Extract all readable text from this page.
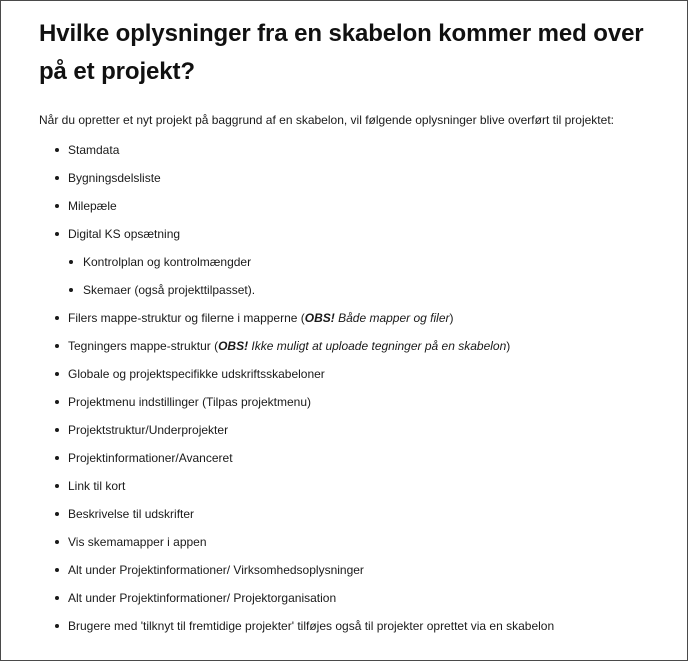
Hvilke oplysninger fra en skabelon kommer med over på et projekt?

Når du opretter et nyt projekt på baggrund af en skabelon, vil følgende oplysninger blive overført til projektet:

Stamdata
Bygningsdelsliste
Milepæle
Digital KS opsætning
Kontrolplan og kontrolmængder
Skemaer (også projekttilpasset).
Filers mappe-struktur og filerne i mapperne (OBS! Både mapper og filer)
Tegningers mappe-struktur (OBS! Ikke muligt at uploade tegninger på en skabelon)
Globale og projektspecifikke udskriftsskabeloner
Projektmenu indstillinger (Tilpas projektmenu)
Projektstruktur/Underprojekter
Projektinformationer/Avanceret
Link til kort
Beskrivelse til udskrifter
Vis skemamapper i appen
Alt under Projektinformationer/ Virksomhedsoplysninger
Alt under Projektinformationer/ Projektorganisation
Brugere med 'tilknyt til fremtidige projekter' tilføjes også til projekter oprettet via en skabelon
